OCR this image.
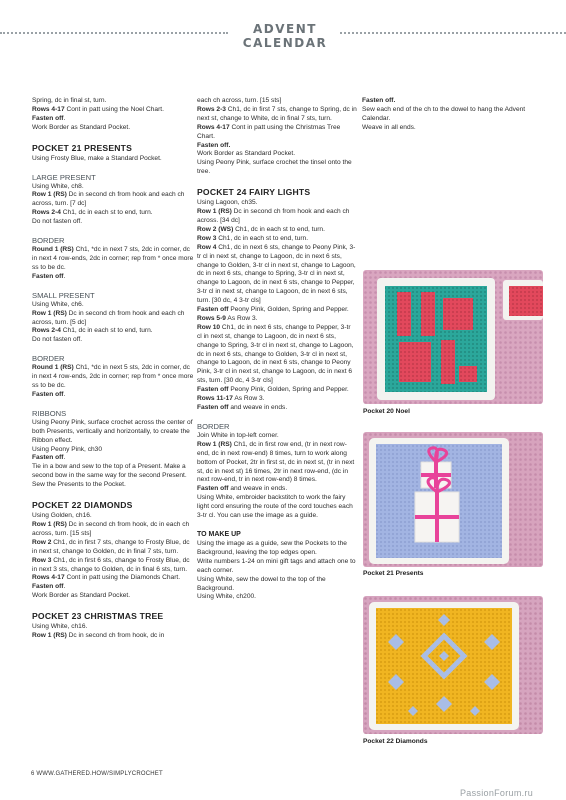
ADVENT CALENDAR

Spring, dc in final st, turn.

Rows 4-17 Cont in patt using the Noel Chart.

Fasten off.

Work Border as Standard Pocket.

POCKET 21 PRESENTS

Using Frosty Blue, make a Standard Pocket.

LARGE PRESENT

Using White, ch8.

Row 1 (RS) Dc in second ch from hook and each ch across, turn. [7 dc]

Rows 2-4 Ch1, dc in each st to end, turn.

Do not fasten off.

BORDER

Round 1 (RS) Ch1, *dc in next 7 sts, 2dc in corner, dc in next 4 row-ends, 2dc in corner; rep from * once more ss to be dc.

Fasten off.

SMALL PRESENT

Using White, ch6.

Row 1 (RS) Dc in second ch from hook and each ch across, turn. [5 dc]

Rows 2-4 Ch1, dc in each st to end, turn.

Do not fasten off.

BORDER

Round 1 (RS) Ch1, *dc in next 5 sts, 2dc in corner, dc in next 4 row-ends, 2dc in corner; rep from * once more ss to be dc.

Fasten off.

RIBBONS

Using Peony Pink, surface crochet across the center of both Presents, vertically and horizontally, to create the Ribbon effect.

Using Peony Pink, ch30

Fasten off.

Tie in a bow and sew to the top of a Present. Make a second bow in the same way for the second Present.

Sew the Presents to the Pocket.

POCKET 22 DIAMONDS

Using Golden, ch16.

Row 1 (RS) Dc in second ch from hook, dc in each ch across, turn. [15 sts]

Row 2 Ch1, dc in first 7 sts, change to Frosty Blue, dc in next st, change to Golden, dc in final 7 sts, turn.

Row 3 Ch1, dc in first 6 sts, change to Frosty Blue, dc in next 3 sts, change to Golden, dc in final 6 sts, turn.

Rows 4-17 Cont in patt using the Diamonds Chart.

Fasten off.

Work Border as Standard Pocket.

POCKET 23 CHRISTMAS TREE

Using White, ch16.

Row 1 (RS) Dc in second ch from hook, dc in

each ch across, turn. [15 sts]

Rows 2-3 Ch1, dc in first 7 sts, change to Spring, dc in next st, change to White, dc in final 7 sts, turn.

Rows 4-17 Cont in patt using the Christmas Tree Chart.

Fasten off.

Work Border as Standard Pocket.

Using Peony Pink, surface crochet the tinsel onto the tree.

POCKET 24 FAIRY LIGHTS

Using Lagoon, ch35.

Row 1 (RS) Dc in second ch from hook and each ch across. [34 dc]

Row 2 (WS) Ch1, dc in each st to end, turn.

Row 3 Ch1, dc in each st to end, turn.

Row 4 Ch1, dc in next 6 sts, change to Peony Pink, 3-tr cl in next st, change to Lagoon, dc in next 6 sts, change to Golden, 3-tr cl in next st, change to Lagoon, dc in next 6 sts, change to Spring, 3-tr cl in next st, change to Lagoon, dc in next 6 sts, change to Pepper, 3-tr cl in next st, change to Lagoon, dc in next 6 sts, turn. [30 dc, 4 3-tr cls]

Fasten off Peony Pink, Golden, Spring and Pepper.

Rows 5-9 As Row 3.

Row 10 Ch1, dc in next 6 sts, change to Pepper, 3-tr cl in next st, change to Lagoon, dc in next 6 sts, change to Spring, 3-tr cl in next st, change to Lagoon, dc in next 6 sts, change to Golden, 3-tr cl in next st, change to Lagoon, dc in next 6 sts, change to Peony Pink, 3-tr cl in next st, change to Lagoon, dc in next 6 sts, turn. [30 dc, 4 3-tr cls]

Fasten off Peony Pink, Golden, Spring and Pepper.

Rows 11-17 As Row 3.

Fasten off and weave in ends.

BORDER

Join White in top-left corner.

Row 1 (RS) Ch1, dc in first row end, (tr in next row-end, dc in next row-end) 8 times, turn to work along bottom of Pocket, 2tr in first st, dc in next st, (tr in next st, dc in next st) 16 times, 2tr in next row-end, (dc in next row-end, tr in next row-end) 8 times.

Fasten off and weave in ends.

Using White, embroider backstitch to work the fairy light cord ensuring the route of the cord touches each 3-tr cl. You can use the image as a guide.

TO MAKE UP

Using the image as a guide, sew the Pockets to the Background, leaving the top edges open.

Write numbers 1-24 on mini gift tags and attach one to each corner.

Using White, sew the dowel to the top of the Background.

Using White, ch200.

Fasten off.

Sew each end of the ch to the dowel to hang the Advent Calendar.

Weave in all ends.

Pocket 20 Noel
Pocket 21 Presents
Pocket 22 Diamonds
6 WWW.GATHERED.HOW/SIMPLYCROCHET
PassionForum.ru
